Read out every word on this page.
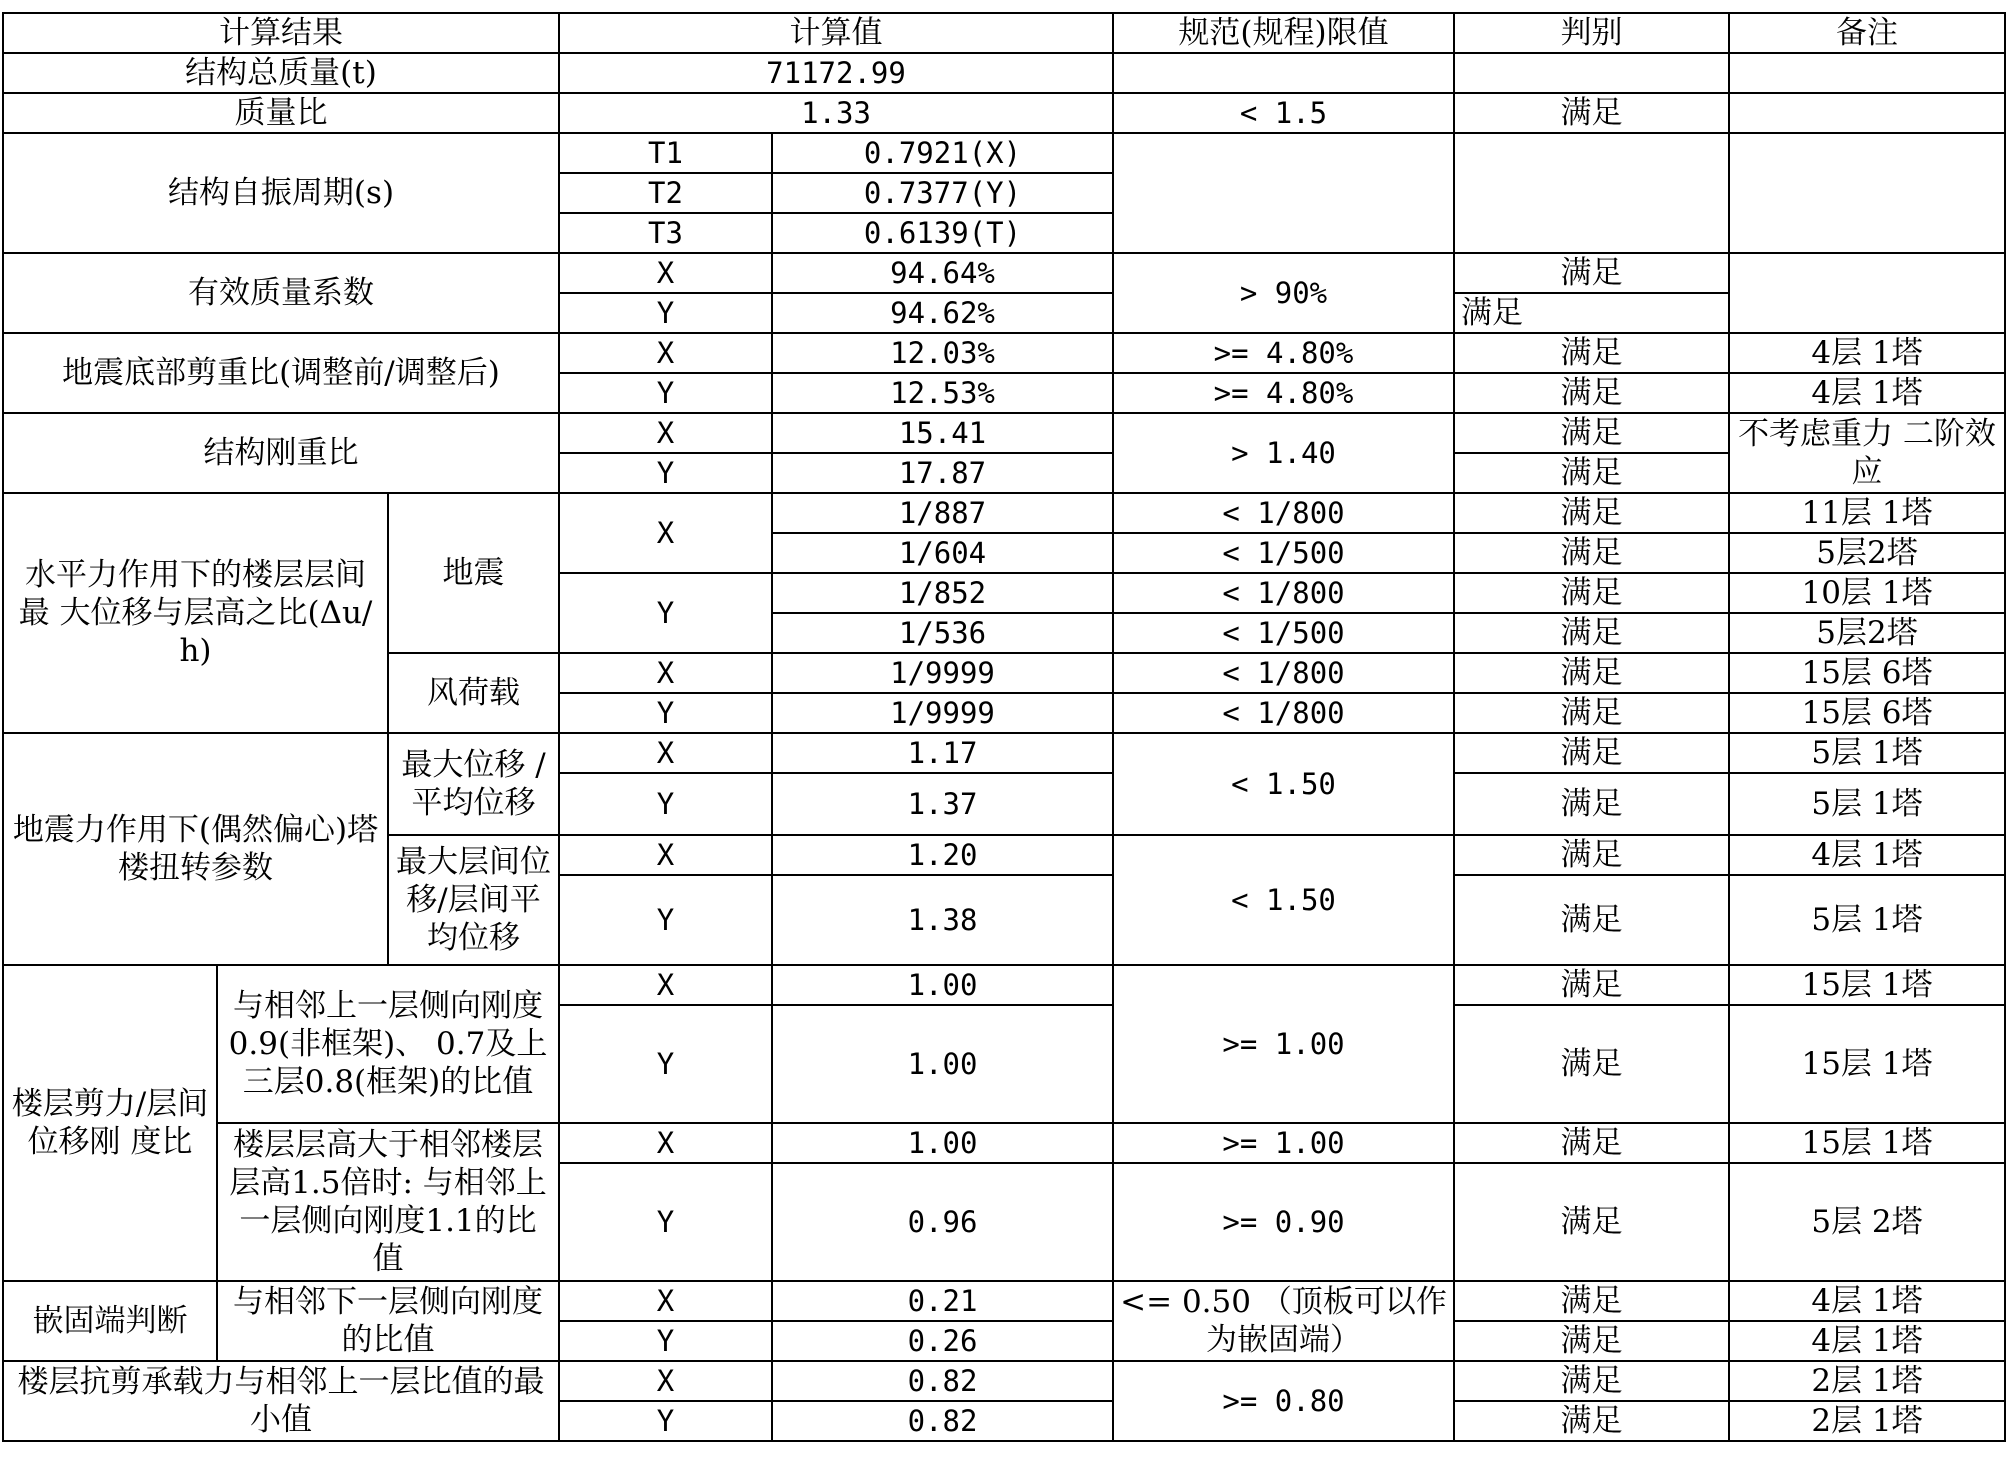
计算结果			计算值		规范(规程)限值	判别	备注
结构总质量(t)			71172.99				
质量比			1.33		< 1.5	满足	
结构自振周期(s)			T1	0.7921(X)			
			T2	0.7377(Y)			
			T3	0.6139(T)			
有效质量系数			X	94.64%	> 90%	满足	
			Y	94.62%		满足	
地震底部剪重比(调整前/调整后)			X	12.03%	>= 4.80%	满足	4层 1塔
			Y	12.53%	>= 4.80%	满足	4层 1塔
结构刚重比			X	15.41	> 1.40	满足	不考虑重力 二阶效应
			Y	17.87		满足	
水平力作用下的楼层层间最 大位移与层高之比(Δu/h)		地震	X	1/887	< 1/800	满足	11层 1塔
				1/604	< 1/500	满足	5层2塔
			Y	1/852	< 1/800	满足	10层 1塔
				1/536	< 1/500	满足	5层2塔
		风荷载	X	1/9999	< 1/800	满足	15层 6塔
			Y	1/9999	< 1/800	满足	15层 6塔
地震力作用下(偶然偏心)塔楼扭转参数		最大位移 / 平均位移	X	1.17	< 1.50	满足	5层 1塔
			Y	1.37		满足	5层 1塔
		最大层间位 移/层间平均位移	X	1.20	< 1.50	满足	4层 1塔
			Y	1.38		满足	5层 1塔
楼层剪力/层间位移刚 度比	与相邻上一层侧向刚度0.9(非框架)、 0.7及上三层0.8(框架)的比值		X	1.00	>= 1.00	满足	15层 1塔
			Y	1.00		满足	15层 1塔
	楼层层高大于相邻楼层层高1.5倍时: 与相邻上一层侧向刚度1.1的比值		X	1.00	>= 1.00	满足	15层 1塔
			Y	0.96	>= 0.90	满足	5层 2塔
嵌固端判断	与相邻下一层侧向刚度的比值		X	0.21	<= 0.50 （顶板可以作为嵌固端）	满足	4层 1塔
			Y	0.26		满足	4层 1塔
楼层抗剪承载力与相邻上一层比值的最小值			X	0.82	>= 0.80	满足	2层 1塔
			Y	0.82		满足	2层 1塔
